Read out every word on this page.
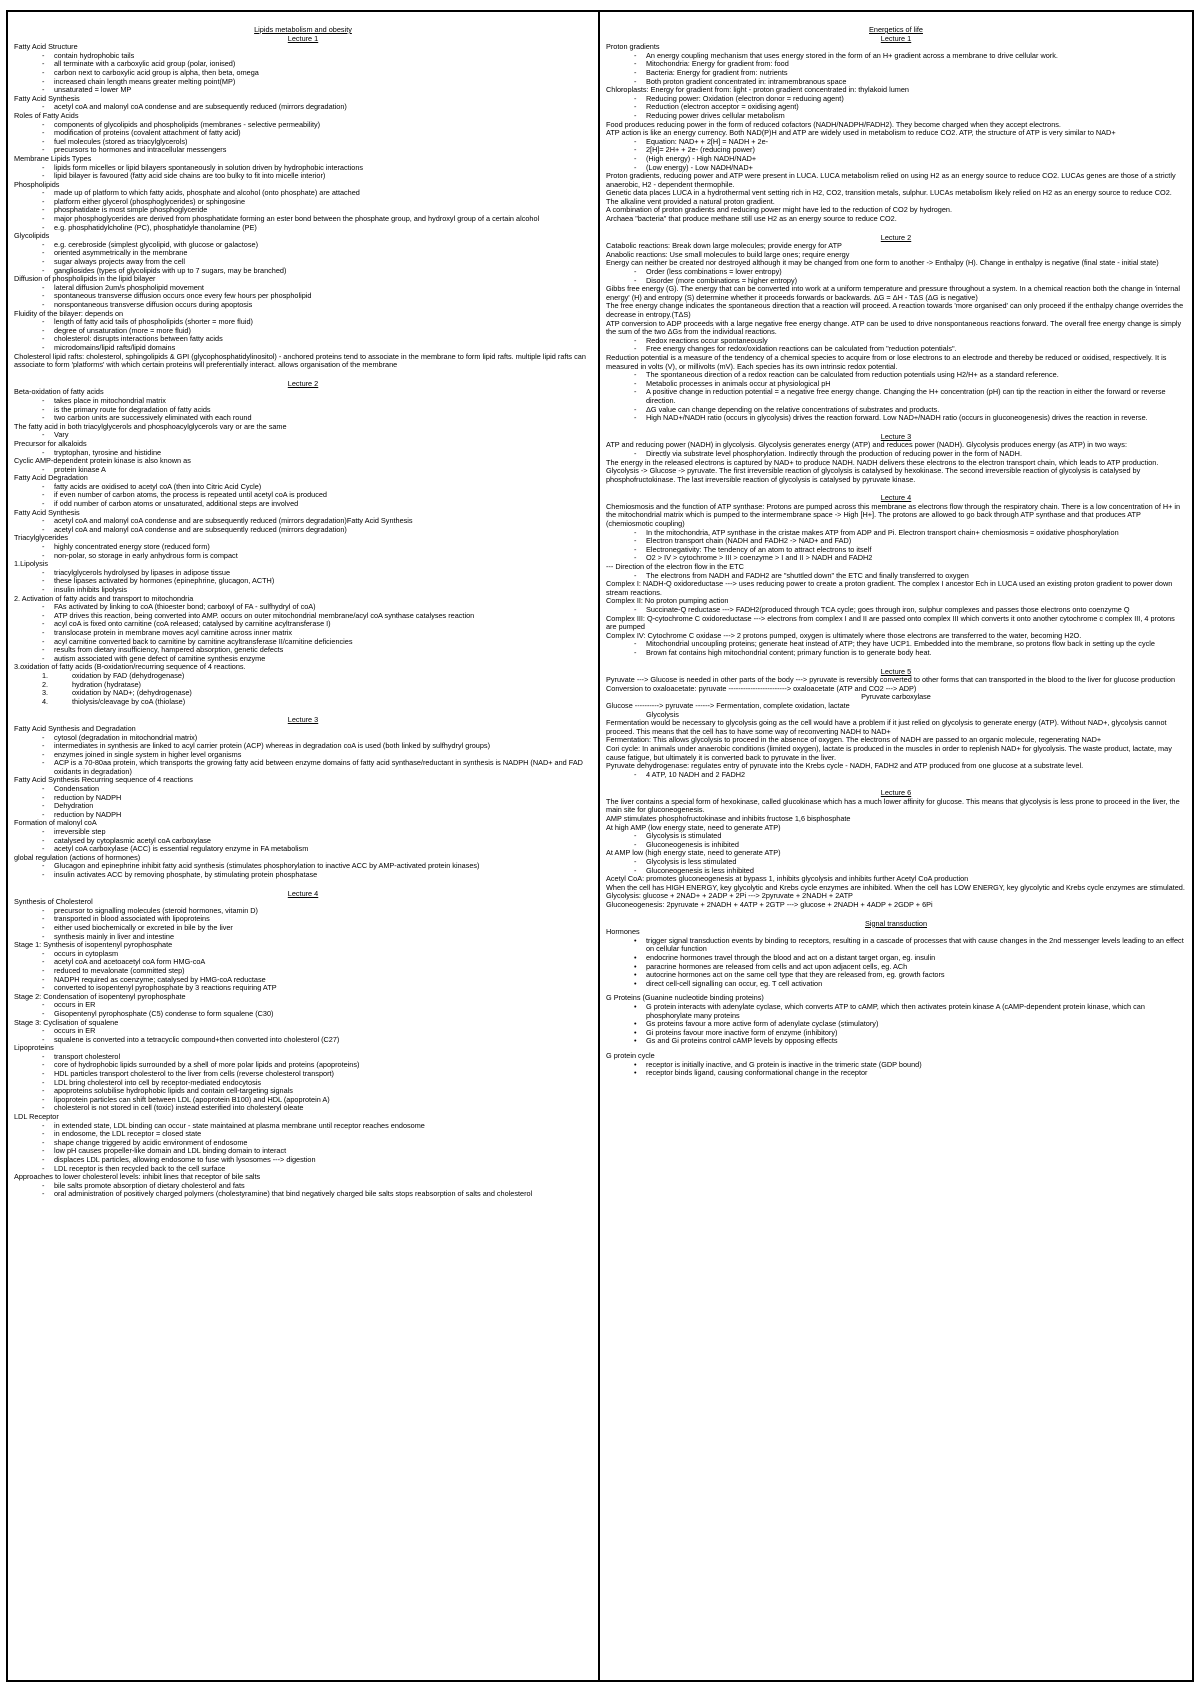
Lipids metabolism and obesity
Lecture 1
Fatty Acid Structure
- contain hydrophobic tails
- all terminate with a carboxylic acid group (polar, ionised)
- carbon next to carboxylic acid group is alpha, then beta, omega
- increased chain length means greater melting point(MP)
- unsaturated = lower MP
Fatty Acid Synthesis
- acetyl coA and malonyl coA condense and are subsequently reduced (mirrors degradation)
Roles of Fatty Acids
- components of glycolipids and phospholipids (membranes - selective permeability)
- modification of proteins (covalent attachment of fatty acid)
- fuel molecules (stored as triacylglycerols)
- precursors to hormones and intracellular messengers
Membrane Lipids Types
- lipids form micelles or lipid bilayers spontaneously in solution driven by hydrophobic interactions
- lipid bilayer is favoured (fatty acid side chains are too bulky to fit into micelle interior)
Phospholipids
- made up of platform to which fatty acids, phosphate and alcohol (onto phosphate) are attached
- platform either glycerol (phosphoglycerides) or sphingosine
- phosphatidate is most simple phosphoglyceride
- major phosphoglycerides are derived from phosphatidate forming an ester bond between the phosphate group, and hydroxyl group of a certain alcohol
- e.g. phosphatidylcholine (PC), phosphatidyle thanolamine (PE)
Glycolipids
- e.g. cerebroside (simplest glycolipid, with glucose or galactose)
- oriented asymmetrically in the membrane
- sugar always projects away from the cell
- gangliosides (types of glycolipids with up to 7 sugars, may be branched)
Diffusion of phospholipids in the lipid bilayer
- lateral diffusion 2um/s phospholipid movement
- spontaneous transverse diffusion occurs once every few hours per phospholipid
- nonspontaneous transverse diffusion occurs during apoptosis
Fluidity of the bilayer: depends on
- length of fatty acid tails of phospholipids (shorter = more fluid)
- degree of unsaturation (more = more fluid)
- cholesterol: disrupts interactions between fatty acids
- microdomains/lipid rafts/lipid domains
Cholesterol lipid rafts: cholesterol, sphingolipids & GPI (glycophosphatidylinositol) - anchored proteins tend to associate in the membrane to form lipid rafts. multiple lipid rafts can associate to form 'platforms' with which certain proteins will preferentially interact. allows organisation of the membrane
Lecture 2
Beta-oxidation of fatty acids
- takes place in mitochondrial matrix
- is the primary route for degradation of fatty acids
- two carbon units are successively eliminated with each round
The fatty acid in both triacylglycerols and phosphoacylglycerols vary or are the same
- Vary
Precursor for alkaloids
- tryptophan, tyrosine and histidine
Cyclic AMP-dependent protein kinase is also known as
- protein kinase A
Fatty Acid Degradation
- fatty acids are oxidised to acetyl coA (then into Citric Acid Cycle)
- if even number of carbon atoms, the process is repeated until acetyl coA is produced
- if odd number of carbon atoms or unsaturated, additional steps are involved
Fatty Acid Synthesis
- acetyl coA and malonyl coA condense and are subsequently reduced (mirrors degradation)Fatty Acid Synthesis
- acetyl coA and malonyl coA condense and are subsequently reduced (mirrors degradation)
Triacylglycerides
- highly concentrated energy store (reduced form)
- non-polar, so storage in early anhydrous form is compact
1.Lipolysis
- triacylglycerols hydrolysed by lipases in adipose tissue
- these lipases activated by hormones (epinephrine, glucagon, ACTH)
- insulin inhibits lipolysis
2. Activation of fatty acids and transport to mitochondria
- FAs activated by linking to coA (thioester bond; carboxyl of FA - sulfhydryl of coA)
- ATP drives this reaction, being converted into AMP. occurs on outer mitochondrial membrane/acyl coA synthase catalyses reaction
- acyl coA is fixed onto carnitine (coA released; catalysed by carnitine acyltransferase I)
- translocase protein in membrane moves acyl carnitine across inner matrix
- acyl carnitine converted back to carnitine by carnitine acyltransferase II/carnitine deficiencies
- results from dietary insufficiency, hampered absorption, genetic defects
- autism associated with gene defect of carnitine synthesis enzyme
3.oxidation of fatty acids (B-oxidation/recurring sequence of 4 reactions.
1. oxidation by FAD (dehydrogenase)
2. hydration (hydratase)
3. oxidation by NAD+; (dehydrogenase)
4. thiolysis/cleavage by coA (thiolase)
Lecture 3
Fatty Acid Synthesis and Degradation
- cytosol (degradation in mitochondrial matrix)
- intermediates in synthesis are linked to acyl carrier protein (ACP) whereas in degradation coA is used (both linked by sulfhydryl groups)
- enzymes joined in single system in higher level organisms
- ACP is a 70-80aa protein, which transports the growing fatty acid between enzyme domains of fatty acid synthase/reductant in synthesis is NADPH (NAD+ and FAD oxidants in degradation)
Fatty Acid Synthesis Recurring sequence of 4 reactions
- Condensation
- reduction by NADPH
- Dehydration
- reduction by NADPH
Formation of malonyl coA
- irreversible step
- catalysed by cytoplasmic acetyl coA carboxylase
- acetyl coA carboxylase (ACC) is essential regulatory enzyme in FA metabolism
global regulation (actions of hormones)
- Glucagon and epinephrine inhibit fatty acid synthesis (stimulates phosphorylation to inactive ACC by AMP-activated protein kinases)
- insulin activates ACC by removing phosphate, by stimulating protein phosphatase
Lecture 4
Synthesis of Cholesterol
- precursor to signalling molecules (steroid hormones, vitamin D)
- transported in blood associated with lipoproteins
- either used biochemically or excreted in bile by the liver
- synthesis mainly in liver and intestine
Stage 1: Synthesis of isopentenyl pyrophosphate
- occurs in cytoplasm
- acetyl coA and acetoacetyl coA form HMG-coA
- reduced to mevalonate (committed step)
- NADPH required as coenzyme; catalysed by HMG-coA reductase
- converted to isopentenyl pyrophosphate by 3 reactions requiring ATP
Stage 2: Condensation of isopentenyl pyrophosphate
- occurs in ER
- Gisopentenyl pyrophosphate (C5) condense to form squalene (C30)
Stage 3: Cyclisation of squalene
- occurs in ER
- squalene is converted into a tetracyclic compound+then converted into cholesterol (C27)
Lipoproteins
- transport cholesterol
- core of hydrophobic lipids surrounded by a shell of more polar lipids and proteins (apoproteins)
- HDL particles transport cholesterol to the liver from cells (reverse cholesterol transport)
- LDL bring cholesterol into cell by receptor-mediated endocytosis
- apoproteins solubilise hydrophobic lipids and contain cell-targeting signals
- lipoprotein particles can shift between LDL (apoprotein B100) and HDL (apoprotein A)
- cholesterol is not stored in cell (toxic) instead esterified into cholesteryl oleate
LDL Receptor
- in extended state, LDL binding can occur - state maintained at plasma membrane until receptor reaches endosome
- in endosome, the LDL receptor = closed state
- shape change triggered by acidic environment of endosome
- low pH causes propeller-like domain and LDL binding domain to interact
- displaces LDL particles, allowing endosome to fuse with lysosomes ---> digestion
- LDL receptor is then recycled back to the cell surface
Approaches to lower cholesterol levels: inhibit lines that receptor of bile salts
- bile salts promote absorption of dietary cholesterol and fats
- oral administration of positively charged polymers (cholestyramine) that bind negatively charged bile salts stops reabsorption of salts and cholesterol
Energetics of life
Lecture 1
Proton gradients
- An energy coupling mechanism that uses energy stored in the form of an H+ gradient across a membrane to drive cellular work.
- Mitochondria: Energy for gradient from: food
- Bacteria: Energy for gradient from: nutrients
- Both proton gradient concentrated in: intramembranous space
Chloroplasts: Energy for gradient from: light - proton gradient concentrated in: thylakoid lumen
- Reducing power: Oxidation (electron donor = reducing agent)
- Reduction (electron acceptor = oxidising agent)
- Reducing power drives cellular metabolism
Food produces reducing power in the form of reduced cofactors (NADH/NADPH/FADH2). They become charged when they accept electrons.
ATP action is like an energy currency. Both NAD(P)H and ATP are widely used in metabolism to reduce CO2. ATP, the structure of ATP is very similar to NAD+
- Equation: NAD+ + 2[H] = NADH + 2e-
- 2[H]= 2H+ + 2e- (reducing power)
- (High energy) - High NADH/NAD+
- (Low energy) - Low NADH/NAD+
Proton gradients, reducing power and ATP were present in LUCA. LUCA metabolism relied on using H2 as an energy source to reduce CO2. LUCAs genes are those of a strictly anaerobic, H2 - dependent thermophile.
Genetic data places LUCA in a hydrothermal vent setting rich in H2, CO2, transition metals, sulphur. LUCAs metabolism likely relied on H2 as an energy source to reduce CO2. The alkaline vent provided a natural proton gradient.
A combination of proton gradients and reducing power might have led to the reduction of CO2 by hydrogen.
Archaea "bacteria" that produce methane still use H2 as an energy source to reduce CO2.
Lecture 2
Catabolic reactions: Break down large molecules; provide energy for ATP
Anabolic reactions: Use small molecules to build large ones; require energy
Energy can neither be created nor destroyed although it may be changed from one form to another -> Enthalpy (H). Change in enthalpy is negative (final state - initial state)
- Order (less combinations = lower entropy)
- Disorder (more combinations = higher entropy)
Gibbs free energy (G). The energy that can be converted into work at a uniform temperature and pressure throughout a system. In a chemical reaction both the change in 'internal energy' (H) and entropy (S) determine whether it proceeds forwards or backwards. ΔG = ΔH - TΔS (ΔG is negative)
The free energy change indicates the spontaneous direction that a reaction will proceed. A reaction towards 'more organised' can only proceed if the enthalpy change overrides the decrease in entropy.(TΔS)
ATP conversion to ADP proceeds with a large negative free energy change. ATP can be used to drive nonspontaneous reactions forward. The overall free energy change is simply the sum of the two ΔGs from the individual reactions.
- Redox reactions occur spontaneously
- Free energy changes for redox/oxidation reactions can be calculated from "reduction potentials".
Reduction potential is a measure of the tendency of a chemical species to acquire from or lose electrons to an electrode and thereby be reduced or oxidised, respectively. It is measured in volts (V), or millivolts (mV). Each species has its own intrinsic redox potential.
- The spontaneous direction of a redox reaction can be calculated from reduction potentials using H2/H+ as a standard reference.
- Metabolic processes in animals occur at physiological pH
- A positive change in reduction potential = a negative free energy change. Changing the H+ concentration (pH) can tip the reaction in either the forward or reverse direction.
- ΔG value can change depending on the relative concentrations of substrates and products.
- High NAD+/NADH ratio (occurs in glycolysis) drives the reaction forward. Low NAD+/NADH ratio (occurs in gluconeogenesis) drives the reaction in reverse.
Lecture 3
ATP and reducing power (NADH) in glycolysis. Glycolysis generates energy (ATP) and reduces power (NADH). Glycolysis produces energy (as ATP) in two ways:
- Directly via substrate level phosphorylation. Indirectly through the production of reducing power in the form of NADH.
The energy in the released electrons is captured by NAD+ to produce NADH. NADH delivers these electrons to the electron transport chain, which leads to ATP production.
Glycolysis -> Glucose -> pyruvate. The first irreversible reaction of glycolysis is catalysed by hexokinase. The second irreversible reaction of glycolysis is catalysed by phosphofructokinase. The last irreversible reaction of glycolysis is catalysed by pyruvate kinase.
Lecture 4
Chemiosmosis and the function of ATP synthase: Protons are pumped across this membrane as electrons flow through the respiratory chain. There is a low concentration of H+ in the mitochondrial matrix which is pumped to the intermembrane space -> High [H+]. The protons are allowed to go back through ATP synthase and that produces ATP (chemiosmotic coupling)
- In the mitochondria, ATP synthase in the cristae makes ATP from ADP and Pi. Electron transport chain+ chemiosmosis = oxidative phosphorylation
- Electron transport chain (NADH and FADH2 -> NAD+ and FAD)
- Electronegativity: The tendency of an atom to attract electrons to itself
- O2 > IV > cytochrome > III > coenzyme > I and II > NADH and FADH2
--- Direction of the electron flow in the ETC
- The electrons from NADH and FADH2 are "shuttled down" the ETC and finally transferred to oxygen
Complex I: NADH-Q oxidoreductase ---> uses reducing power to create a proton gradient. The complex I ancestor Ech in LUCA used an existing proton gradient to power down stream reactions.
Complex II: No proton pumping action
- Succinate-Q reductase ---> FADH2(produced through TCA cycle; goes through iron, sulphur complexes and passes those electrons onto coenzyme Q
Complex III: Q-cytochrome C oxidoreductase ---> electrons from complex I and II are passed onto complex III which converts it onto another cytochrome c complex III, 4 protons are pumped
Complex IV: Cytochrome C oxidase ---> 2 protons pumped, oxygen is ultimately where those electrons are transferred to the water, becoming H2O.
- Mitochondrial uncoupling proteins; generate heat instead of ATP; they have UCP1. Embedded into the membrane, so protons flow back in setting up the cycle
- Brown fat contains high mitochondrial content; primary function is to generate body heat.
Lecture 5
Pyruvate ---> Glucose is needed in other parts of the body ---> pyruvate is reversibly converted to other forms that can transported in the blood to the liver for glucose production
Conversion to oxaloacetate: pyruvate ------------------------> oxaloacetate (ATP and CO2 ---> ADP)
Pyruvate carboxylase
Glucose ----------> pyruvate ------> Fermentation, complete oxidation, lactate
Glycolysis
Fermentation would be necessary to glycolysis going as the cell would have a problem if it just relied on glycolysis to generate energy (ATP). Without NAD+, glycolysis cannot proceed. This means that the cell has to have some way of reconverting NADH to NAD+
Fermentation: This allows glycolysis to proceed in the absence of oxygen. The electrons of NADH are passed to an organic molecule, regenerating NAD+
Cori cycle: In animals under anaerobic conditions (limited oxygen), lactate is produced in the muscles in order to replenish NAD+ for glycolysis. The waste product, lactate, may cause fatigue, but ultimately it is converted back to pyruvate in the liver.
Pyruvate dehydrogenase: regulates entry of pyruvate into the Krebs cycle - NADH, FADH2 and ATP produced from one glucose at a substrate level.
- 4 ATP, 10 NADH and 2 FADH2
Lecture 6
The liver contains a special form of hexokinase, called glucokinase which has a much lower affinity for glucose. This means that glycolysis is less prone to proceed in the liver, the main site for gluconeogenesis.
AMP stimulates phosphofructokinase and inhibits fructose 1,6 bisphosphate
At high AMP (low energy state, need to generate ATP)
- Glycolysis is stimulated
- Gluconeogenesis is inhibited
At AMP low (high energy state, need to generate ATP)
- Glycolysis is less stimulated
- Gluconeogenesis is less inhibited
Acetyl CoA: promotes gluconeogenesis at bypass 1, inhibits glycolysis and inhibits further Acetyl CoA production
When the cell has HIGH ENERGY, key glycolytic and Krebs cycle enzymes are inhibited. When the cell has LOW ENERGY, key glycolytic and Krebs cycle enzymes are stimulated.
Glycolysis: glucose + 2NAD+ + 2ADP + 2Pi ---> 2pyruvate + 2NADH + 2ATP
Gluconeogenesis: 2pyruvate + 2NADH + 4ATP + 2GTP ---> glucose + 2NADH + 4ADP + 2GDP + 6Pi
Signal transduction
Hormones
• trigger signal transduction events by binding to receptors, resulting in a cascade of processes that with cause changes in the 2nd messenger levels leading to an effect on cellular function
• endocrine hormones travel through the blood and act on a distant target organ, eg. insulin
• paracrine hormones are released from cells and act upon adjacent cells, eg. ACh
• autocrine hormones act on the same cell type that they are released from, eg. growth factors
• direct cell-cell signalling can occur, eg. T cell activation
G Proteins (Guanine nucleotide binding proteins)
• G protein interacts with adenylate cyclase, which converts ATP to cAMP, which then activates protein kinase A (cAMP-dependent protein kinase, which can phosphorylate many proteins
• Gs proteins favour a more active form of adenylate cyclase (stimulatory)
• Gi proteins favour more inactive form of enzyme (inhibitory)
• Gs and Gi proteins control cAMP levels by opposing effects
G protein cycle
• receptor is initially inactive, and G protein is inactive in the trimeric state (GDP bound)
• receptor binds ligand, causing conformational change in the receptor
